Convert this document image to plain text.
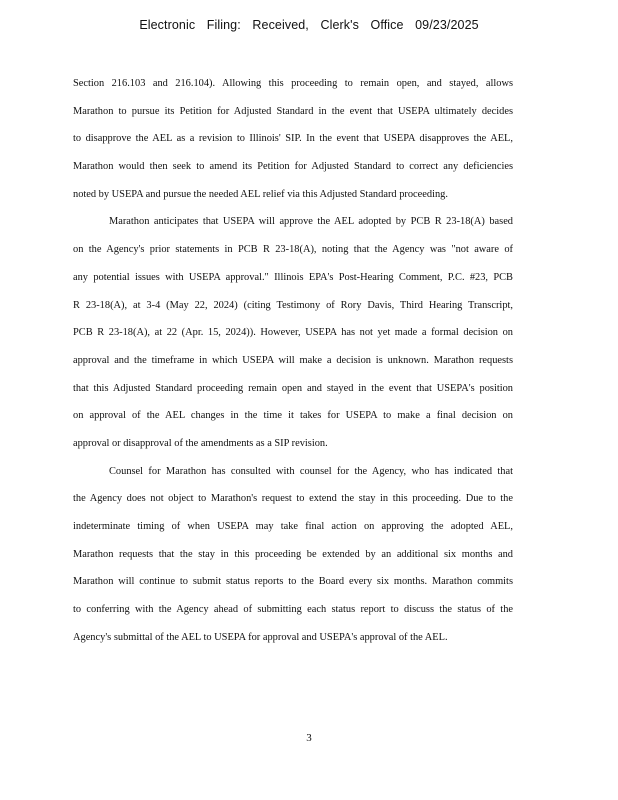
Electronic Filing: Received, Clerk's Office 09/23/2025
Section 216.103 and 216.104). Allowing this proceeding to remain open, and stayed, allows
Marathon to pursue its Petition for Adjusted Standard in the event that USEPA ultimately decides
to disapprove the AEL as a revision to Illinois' SIP. In the event that USEPA disapproves the AEL,
Marathon would then seek to amend its Petition for Adjusted Standard to correct any deficiencies
noted by USEPA and pursue the needed AEL relief via this Adjusted Standard proceeding.
Marathon anticipates that USEPA will approve the AEL adopted by PCB R 23-18(A) based
on the Agency's prior statements in PCB R 23-18(A), noting that the Agency was "not aware of
any potential issues with USEPA approval." Illinois EPA's Post-Hearing Comment, P.C. #23, PCB
R 23-18(A), at 3-4 (May 22, 2024) (citing Testimony of Rory Davis, Third Hearing Transcript,
PCB R 23-18(A), at 22 (Apr. 15, 2024)). However, USEPA has not yet made a formal decision on
approval and the timeframe in which USEPA will make a decision is unknown. Marathon requests
that this Adjusted Standard proceeding remain open and stayed in the event that USEPA's position
on approval of the AEL changes in the time it takes for USEPA to make a final decision on
approval or disapproval of the amendments as a SIP revision.
Counsel for Marathon has consulted with counsel for the Agency, who has indicated that
the Agency does not object to Marathon's request to extend the stay in this proceeding. Due to the
indeterminate timing of when USEPA may take final action on approving the adopted AEL,
Marathon requests that the stay in this proceeding be extended by an additional six months and
Marathon will continue to submit status reports to the Board every six months. Marathon commits
to conferring with the Agency ahead of submitting each status report to discuss the status of the
Agency's submittal of the AEL to USEPA for approval and USEPA's approval of the AEL.
3
